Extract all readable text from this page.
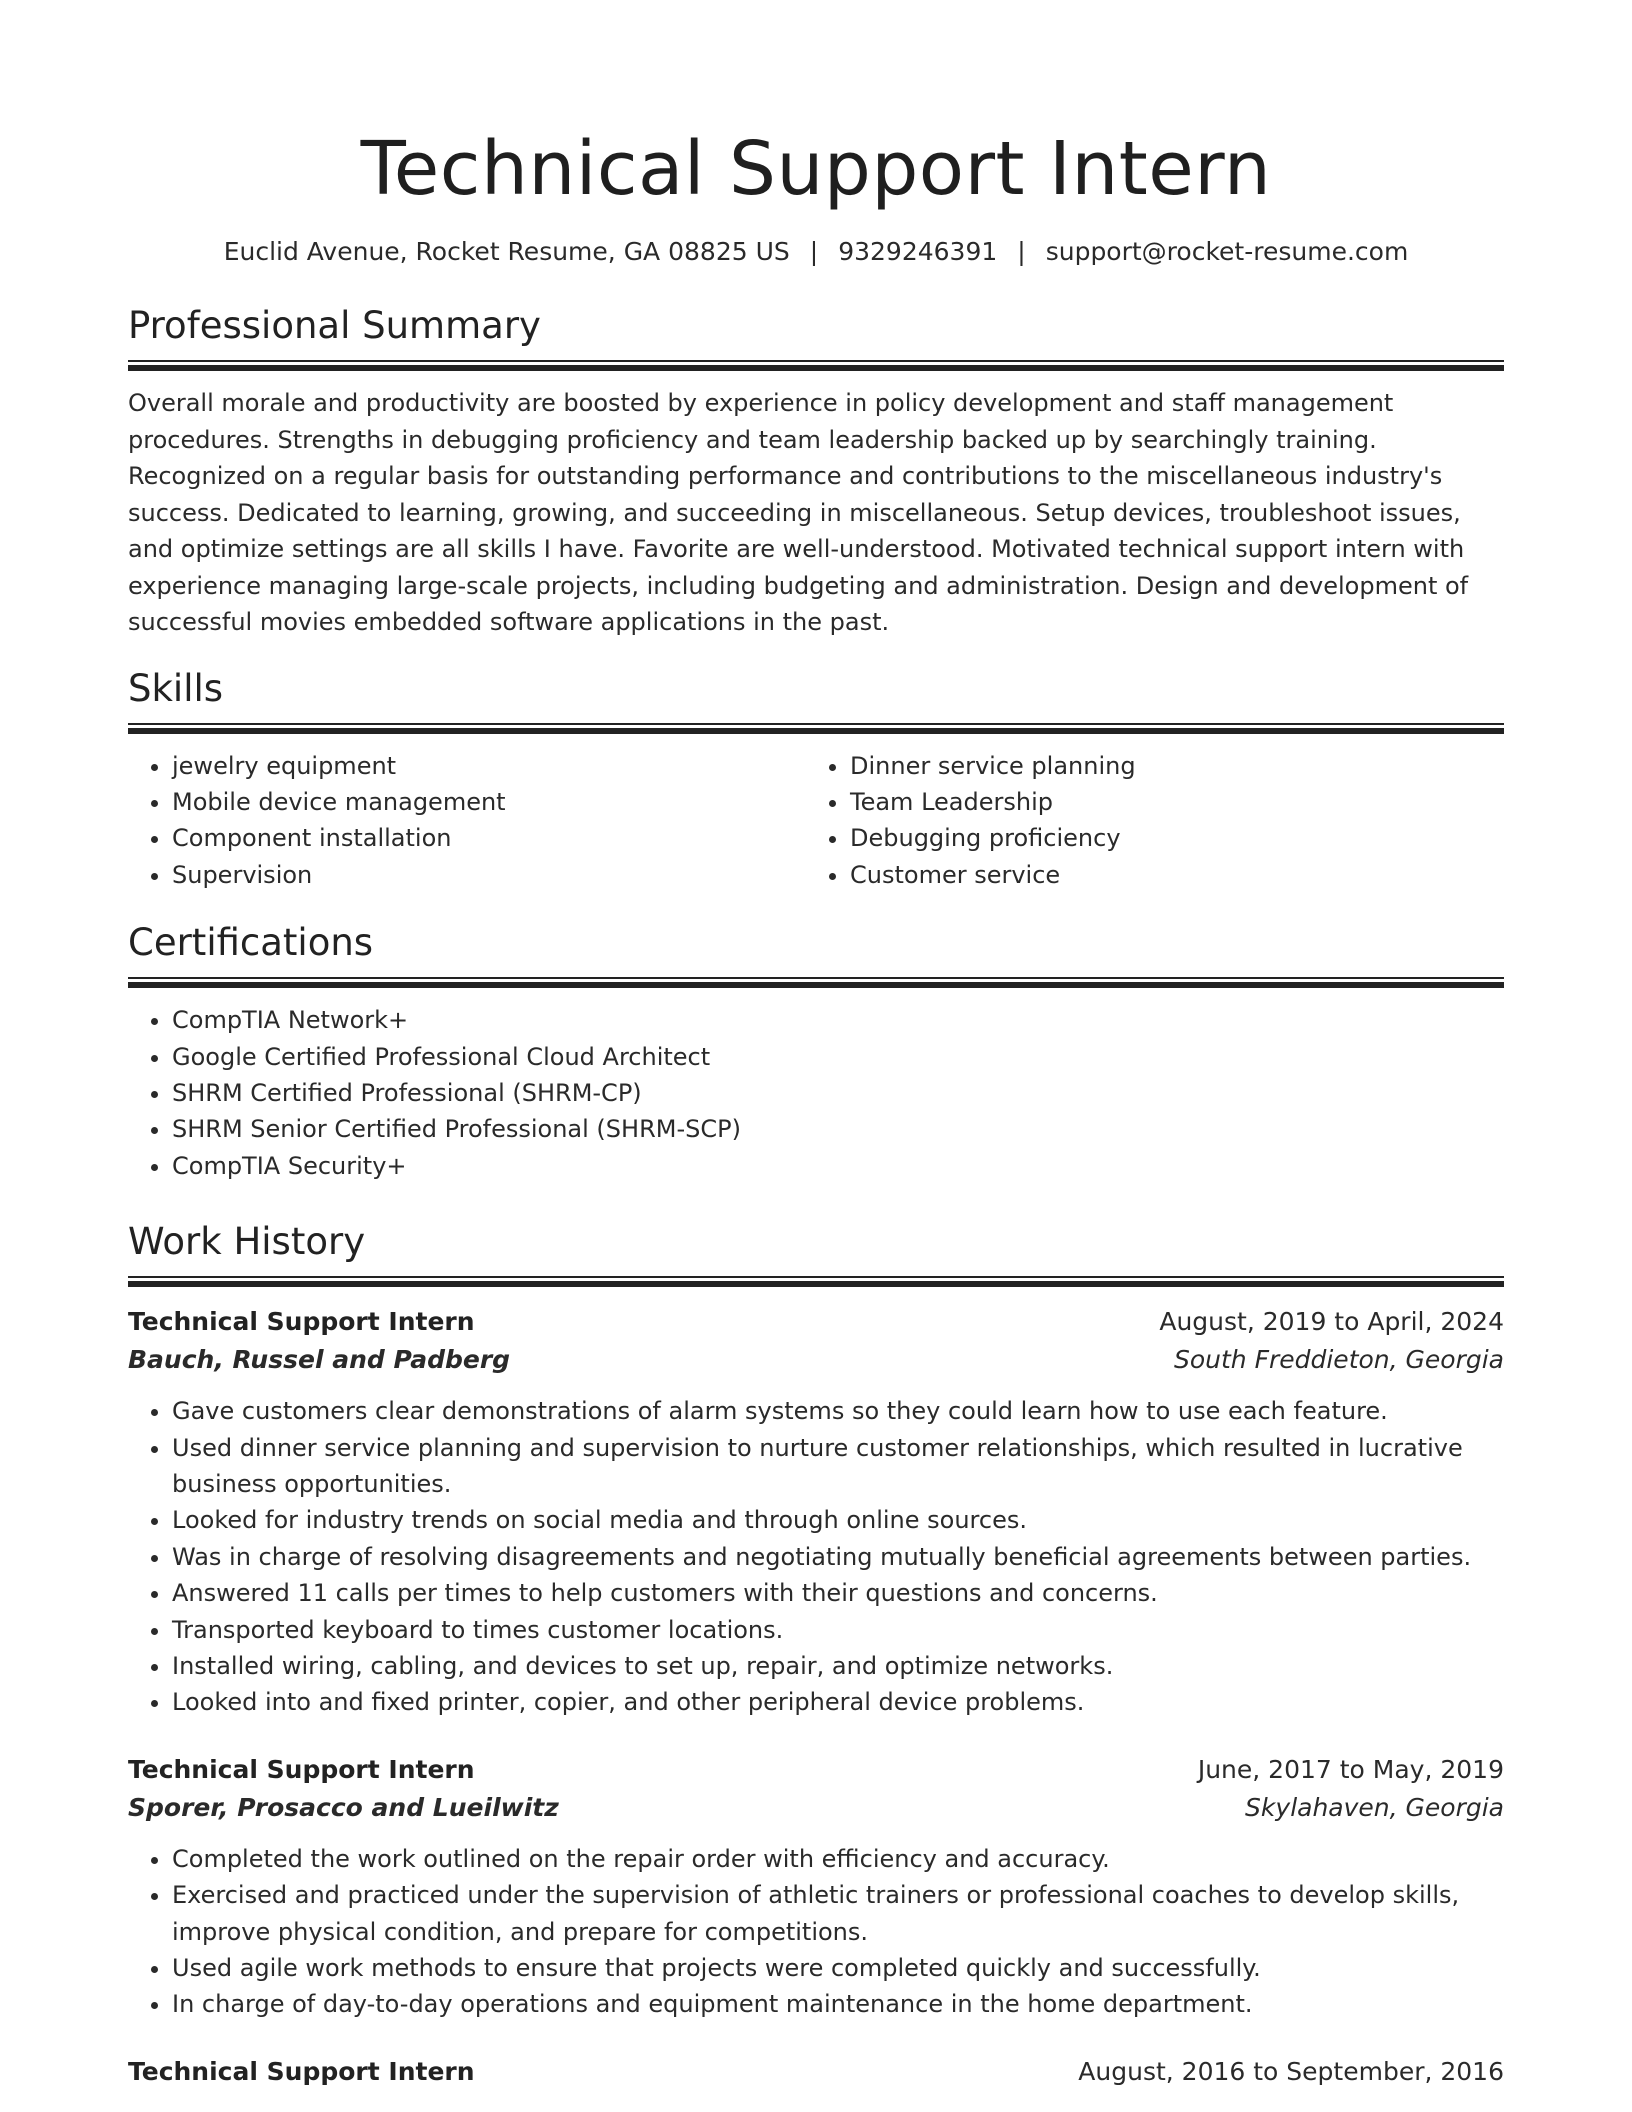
Technical Support Intern
Euclid Avenue, Rocket Resume, GA 08825 US | 9329246391 | support@rocket-resume.com
Professional Summary

Overall morale and productivity are boosted by experience in policy development and staff management procedures. Strengths in debugging proficiency and team leadership backed up by searchingly training. Recognized on a regular basis for outstanding performance and contributions to the miscellaneous industry's success. Dedicated to learning, growing, and succeeding in miscellaneous. Setup devices, troubleshoot issues, and optimize settings are all skills I have. Favorite are well-understood. Motivated technical support intern with experience managing large-scale projects, including budgeting and administration. Design and development of successful movies embedded software applications in the past.

Skills
• jewelry equipment
• Mobile device management
• Component installation
• Supervision
• Dinner service planning
• Team Leadership
• Debugging proficiency
• Customer service
Certifications
• CompTIA Network+
• Google Certified Professional Cloud Architect
• SHRM Certified Professional (SHRM-CP)
• SHRM Senior Certified Professional (SHRM-SCP)
• CompTIA Security+
Work History
Technical Support Intern	August, 2019 to April, 2024
Bauch, Russel and Padberg	South Freddieton, Georgia
• Gave customers clear demonstrations of alarm systems so they could learn how to use each feature.
• Used dinner service planning and supervision to nurture customer relationships, which resulted in lucrative business opportunities.
• Looked for industry trends on social media and through online sources.
• Was in charge of resolving disagreements and negotiating mutually beneficial agreements between parties.
• Answered 11 calls per times to help customers with their questions and concerns.
• Transported keyboard to times customer locations.
• Installed wiring, cabling, and devices to set up, repair, and optimize networks.
• Looked into and fixed printer, copier, and other peripheral device problems.
Technical Support Intern	June, 2017 to May, 2019
Sporer, Prosacco and Lueilwitz	Skylahaven, Georgia
• Completed the work outlined on the repair order with efficiency and accuracy.
• Exercised and practiced under the supervision of athletic trainers or professional coaches to develop skills, improve physical condition, and prepare for competitions.
• Used agile work methods to ensure that projects were completed quickly and successfully.
• In charge of day-to-day operations and equipment maintenance in the home department.
Technical Support Intern	August, 2016 to September, 2016
